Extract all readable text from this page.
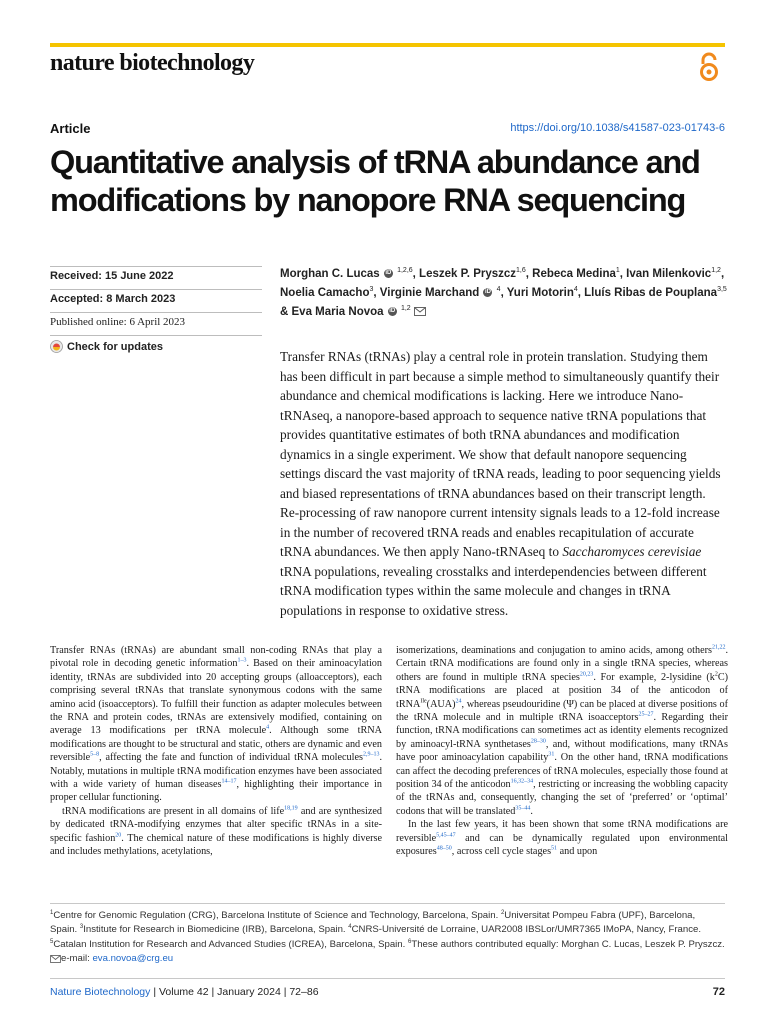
nature biotechnology
Article	https://doi.org/10.1038/s41587-023-01743-6
Quantitative analysis of tRNA abundance and modifications by nanopore RNA sequencing
Received: 15 June 2022
Accepted: 8 March 2023
Published online: 6 April 2023
Check for updates
Morghan C. Lucas iD $^{1,2,6}$, Leszek P. Pryszcz$^{1,6}$, Rebeca Medina$^1$, Ivan Milenkovic$^{1,2}$, Noelia Camacho$^3$, Virginie Marchand iD $^4$, Yuri Motorin$^4$, Lluís Ribas de Pouplana$^{3,5}$ & Eva Maria Novoa iD $^{1,2}$
Transfer RNAs (tRNAs) play a central role in protein translation. Studying them has been difficult in part because a simple method to simultaneously quantify their abundance and chemical modifications is lacking. Here we introduce Nano-tRNAseq, a nanopore-based approach to sequence native tRNA populations that provides quantitative estimates of both tRNA abundances and modification dynamics in a single experiment. We show that default nanopore sequencing settings discard the vast majority of tRNA reads, leading to poor sequencing yields and biased representations of tRNA abundances based on their transcript length. Re-processing of raw nanopore current intensity signals leads to a 12-fold increase in the number of recovered tRNA reads and enables recapitulation of accurate tRNA abundances. We then apply Nano-tRNAseq to Saccharomyces cerevisiae tRNA populations, revealing crosstalks and interdependencies between different tRNA modification types within the same molecule and changes in tRNA populations in response to oxidative stress.

Transfer RNAs (tRNAs) are abundant small non-coding RNAs that play a pivotal role in decoding genetic information$^{1-3}$. Based on their aminoacylation identity, tRNAs are subdivided into 20 accepting groups (alloacceptors), each comprising several tRNAs that translate synonymous codons with the same amino acid (isoacceptors). To fulfill their function as adapter molecules between the RNA and protein codes, tRNAs are extensively modified, containing on average 13 modifications per tRNA molecule$^4$. Although some tRNA modifications are thought to be structural and static, others are dynamic and even reversible$^{5-8}$, affecting the fate and function of individual tRNA molecules$^{2,9-13}$. Notably, mutations in multiple tRNA modification enzymes have been associated with a wide variety of human diseases$^{14-17}$, highlighting their importance in proper cellular functioning.

tRNA modifications are present in all domains of life$^{18,19}$ and are synthesized by dedicated tRNA-modifying enzymes that alter specific tRNAs in a site-specific fashion$^{20}$. The chemical nature of these modifications is highly diverse and includes methylations, acetylations,

isomerizations, deaminations and conjugation to amino acids, among others$^{21,22}$. Certain tRNA modifications are found only in a single tRNA species, whereas others are found in multiple tRNA species$^{20,23}$. For example, 2-lysidine $(k^2C)$ tRNA modifications are placed at position 34 of the anticodon of tRNA$^{Ile}$(AUA)$^{24}$, whereas pseudouridine (Ψ) can be placed at diverse positions of the tRNA molecule and in multiple tRNA isoacceptors$^{25-27}$. Regarding their function, tRNA modifications can sometimes act as identity elements recognized by aminoacyl-tRNA synthetases$^{28-30}$, and, without modifications, many tRNAs have poor aminoacylation capability$^{31}$. On the other hand, tRNA modifications can affect the decoding preferences of tRNA molecules, especially those found at position 34 of the anticodon$^{16,32-34}$, restricting or increasing the wobbling capacity of the tRNAs and, consequently, changing the set of ‘preferred’ or ‘optimal’ codons that will be translated$^{35-44}$.

In the last few years, it has been shown that some tRNA modifications are reversible$^{5,45-47}$ and can be dynamically regulated upon environmental exposures$^{48-50}$, across cell cycle stages$^{51}$ and upon

$^1$Centre for Genomic Regulation (CRG), Barcelona Institute of Science and Technology, Barcelona, Spain. $^2$Universitat Pompeu Fabra (UPF), Barcelona, Spain. $^3$Institute for Research in Biomedicine (IRB), Barcelona, Spain. $^4$CNRS-Université de Lorraine, UAR2008 IBSLor/UMR7365 IMoPA, Nancy, France. $^5$Catalan Institution for Research and Advanced Studies (ICREA), Barcelona, Spain. $^6$These authors contributed equally: Morghan C. Lucas, Leszek P. Pryszcz. e-mail: eva.novoa@crg.eu
Nature Biotechnology | Volume 42 | January 2024 | 72–86	72
